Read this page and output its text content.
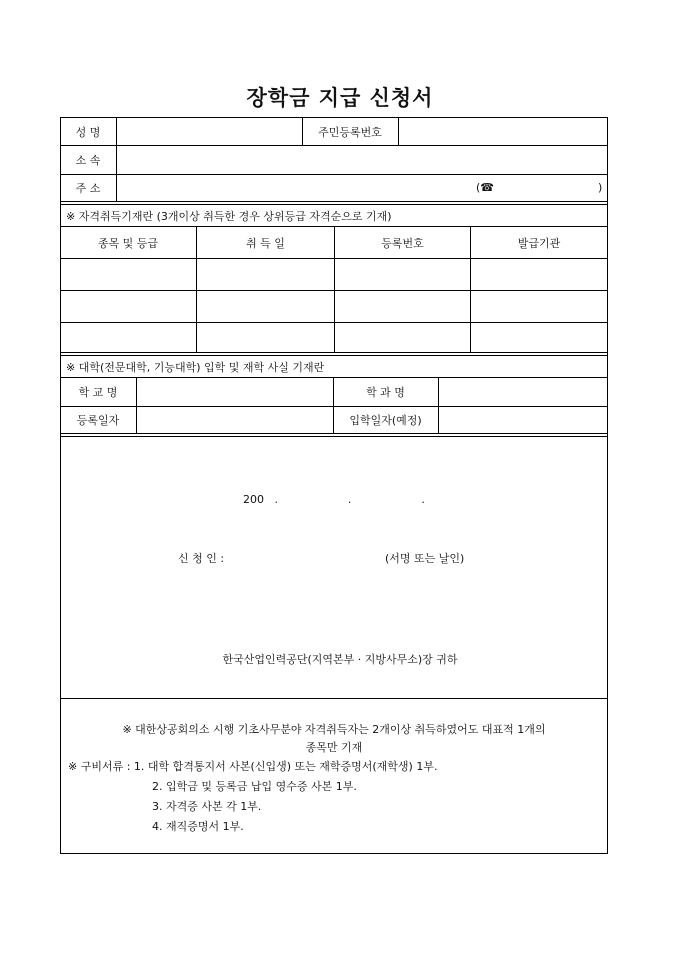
장학금 지급 신청서
성 명	주민등록번호
소 속
주 소	(☎	)
※ 자격취득기재란 (3개이상 취득한 경우 상위등급 자격순으로 기재)
종목 및 등급	취 득 일	등록번호	발급기관
※ 대학(전문대학, 기능대학) 입학 및 재학 사실 기재란
학 교 명	학 과 명
등록일자	입학일자(예정)
200   .                    .                    .
신 청 인 :	(서명 또는 날인)
한국산업인력공단(지역본부 · 지방사무소)장 귀하
※ 대한상공회의소 시행 기초사무분야 자격취득자는 2개이상 취득하였어도 대표적 1개의
종목만 기재
※ 구비서류 : 1. 대학 합격통지서 사본(신입생) 또는 재학증명서(재학생) 1부.
2. 입학금 및 등록금 납입 영수증 사본 1부.
3. 자격증 사본 각 1부.
4. 재직증명서 1부.
